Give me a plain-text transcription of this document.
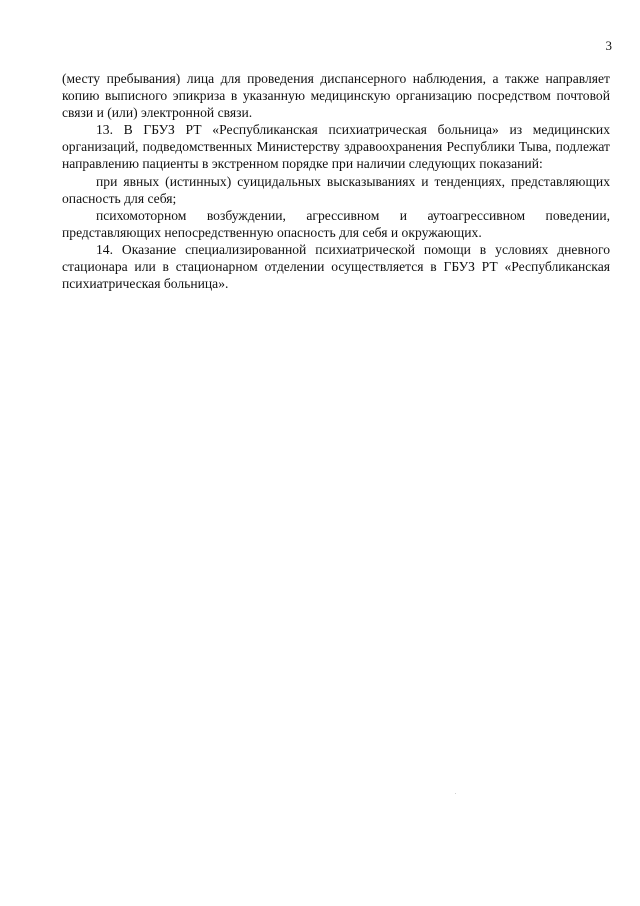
3

(месту пребывания) лица для проведения диспансерного наблюдения, а также направляет копию выписного эпикриза в указанную медицинскую организацию посредством почтовой связи и (или) электронной связи.

13. В ГБУЗ РТ «Республиканская психиатрическая больница» из медицинских организаций, подведомственных Министерству здравоохранения Республики Тыва, подлежат направлению пациенты в экстренном порядке при наличии следующих показаний:

при явных (истинных) суицидальных высказываниях и тенденциях, представляющих опасность для себя;

психомоторном возбуждении, агрессивном и аутоагрессивном поведении, представляющих непосредственную опасность для себя и окружающих.

14. Оказание специализированной психиатрической помощи в условиях дневного стационара или в стационарном отделении осуществляется в ГБУЗ РТ «Республиканская психиатрическая больница».
